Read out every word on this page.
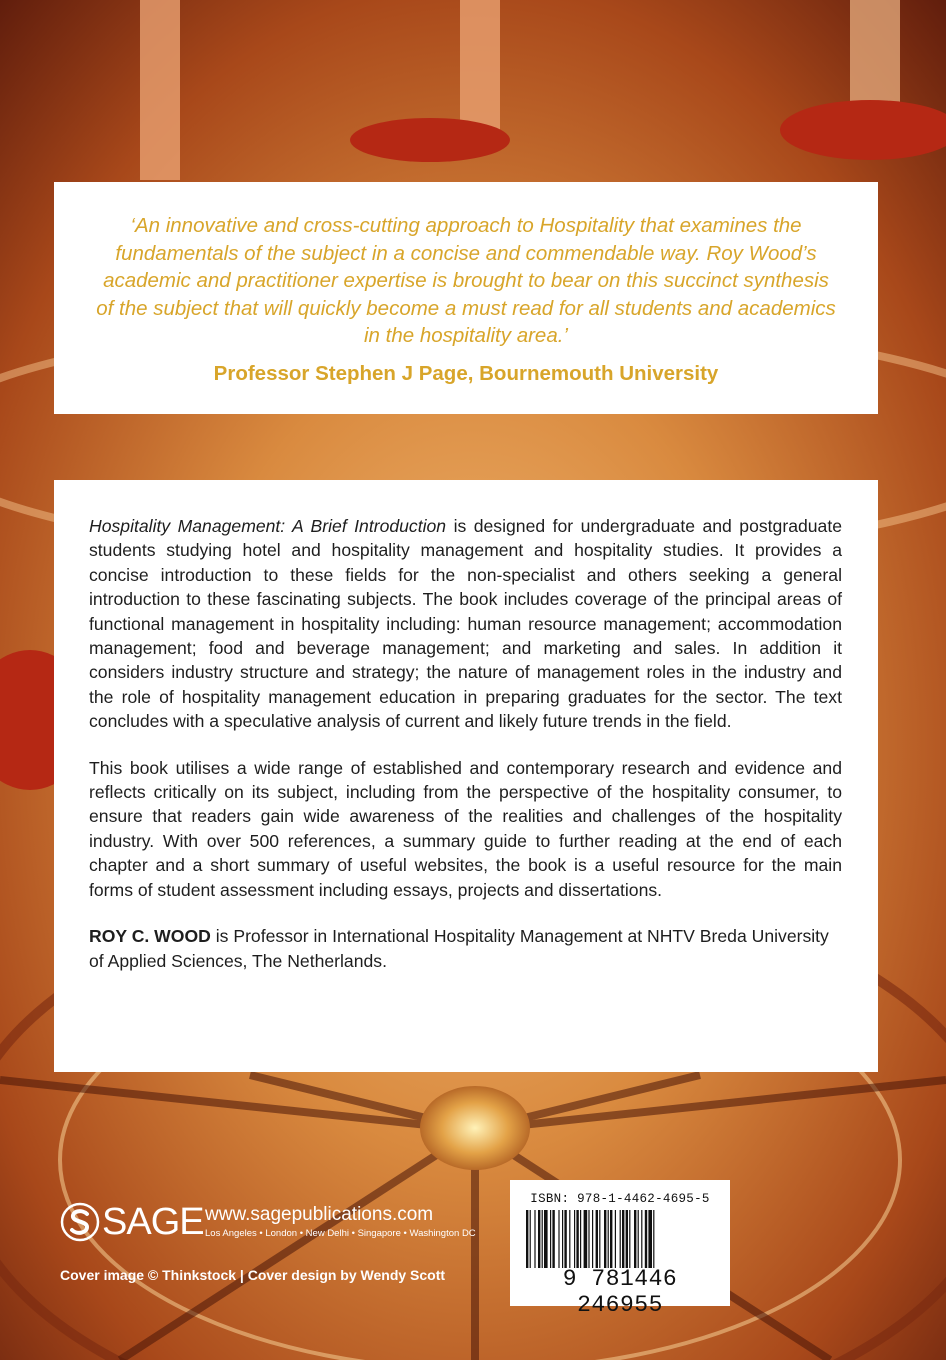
‘An innovative and cross-cutting approach to Hospitality that examines the fundamentals of the subject in a concise and commendable way. Roy Wood’s academic and practitioner expertise is brought to bear on this succinct synthesis of the subject that will quickly become a must read for all students and academics in the hospitality area.’

Professor Stephen J Page, Bournemouth University

Hospitality Management: A Brief Introduction is designed for undergraduate and postgraduate students studying hotel and hospitality management and hospitality studies. It provides a concise introduction to these fields for the non-specialist and others seeking a general introduction to these fascinating subjects. The book includes coverage of the principal areas of functional management in hospitality including: human resource management; accommodation management; food and beverage management; and marketing and sales. In addition it considers industry structure and strategy; the nature of management roles in the industry and the role of hospitality management education in preparing graduates for the sector. The text concludes with a speculative analysis of current and likely future trends in the field.

This book utilises a wide range of established and contemporary research and evidence and reflects critically on its subject, including from the perspective of the hospitality consumer, to ensure that readers gain wide awareness of the realities and challenges of the hospitality industry. With over 500 references, a summary guide to further reading at the end of each chapter and a short summary of useful websites, the book is a useful resource for the main forms of student assessment including essays, projects and dissertations.

ROY C. WOOD is Professor in International Hospitality Management at NHTV Breda University of Applied Sciences, The Netherlands.

SAGE www.sagepublications.com
Los Angeles • London • New Delhi • Singapore • Washington DC
Cover image © Thinkstock | Cover design by Wendy Scott
ISBN: 978-1-4462-4695-5
9 781446 246955
